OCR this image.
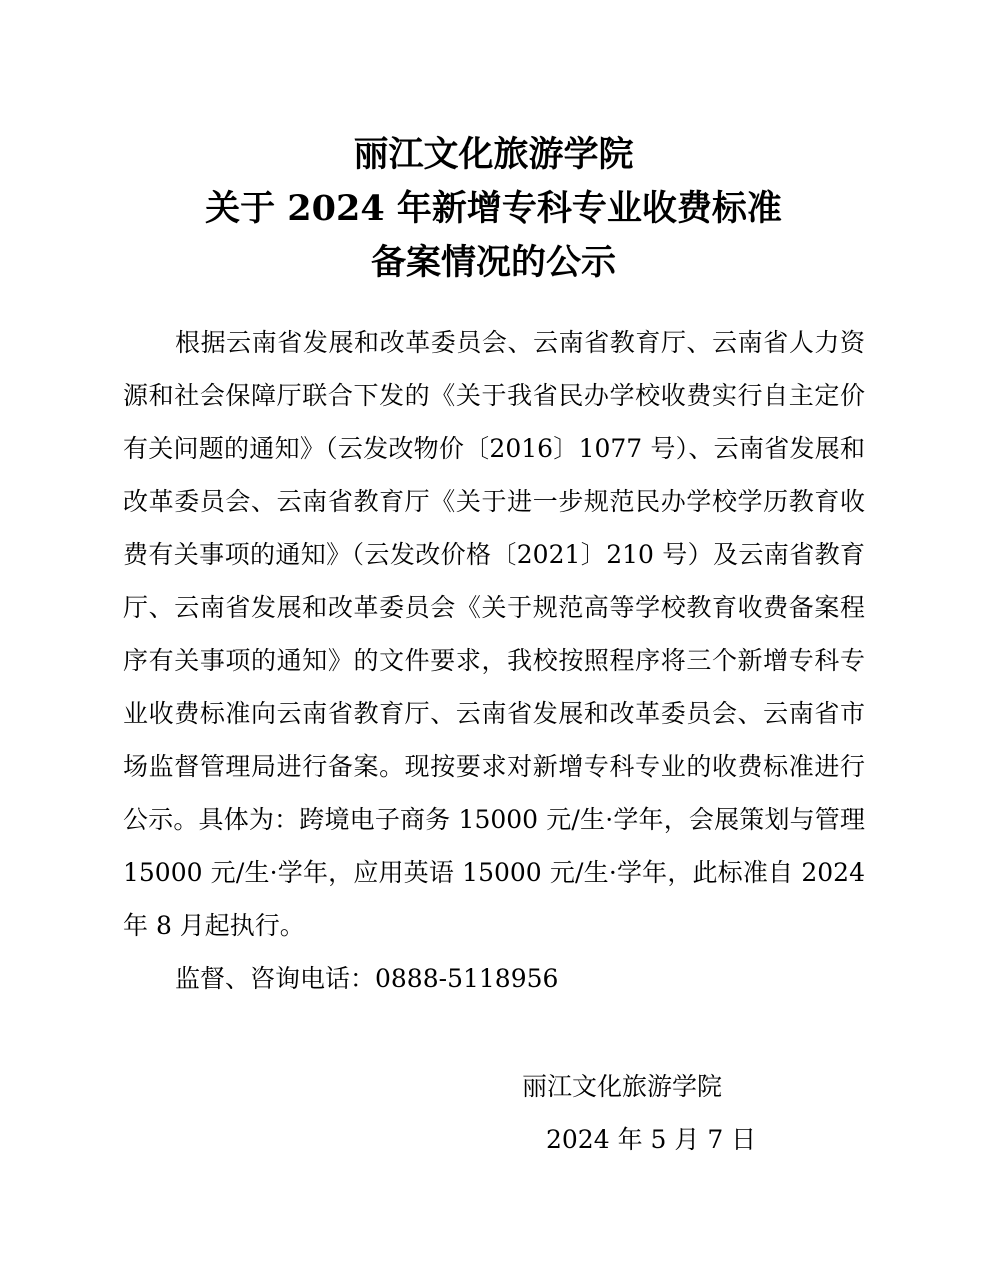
丽江文化旅游学院
关于 2024 年新增专科专业收费标准
备案情况的公示

根据云南省发展和改革委员会、云南省教育厅、云南省人力资源和社会保障厅联合下发的《关于我省民办学校收费实行自主定价有关问题的通知》（云发改物价〔2016〕1077 号）、云南省发展和改革委员会、云南省教育厅《关于进一步规范民办学校学历教育收费有关事项的通知》（云发改价格〔2021〕210 号）及云南省教育厅、云南省发展和改革委员会《关于规范高等学校教育收费备案程序有关事项的通知》的文件要求，我校按照程序将三个新增专科专业收费标准向云南省教育厅、云南省发展和改革委员会、云南省市场监督管理局进行备案。现按要求对新增专科专业的收费标准进行公示。具体为：跨境电子商务 15000 元/生·学年，会展策划与管理 15000 元/生·学年，应用英语 15000 元/生·学年，此标准自 2024 年 8 月起执行。

监督、咨询电话：0888-5118956

丽江文化旅游学院
2024 年 5 月 7 日
